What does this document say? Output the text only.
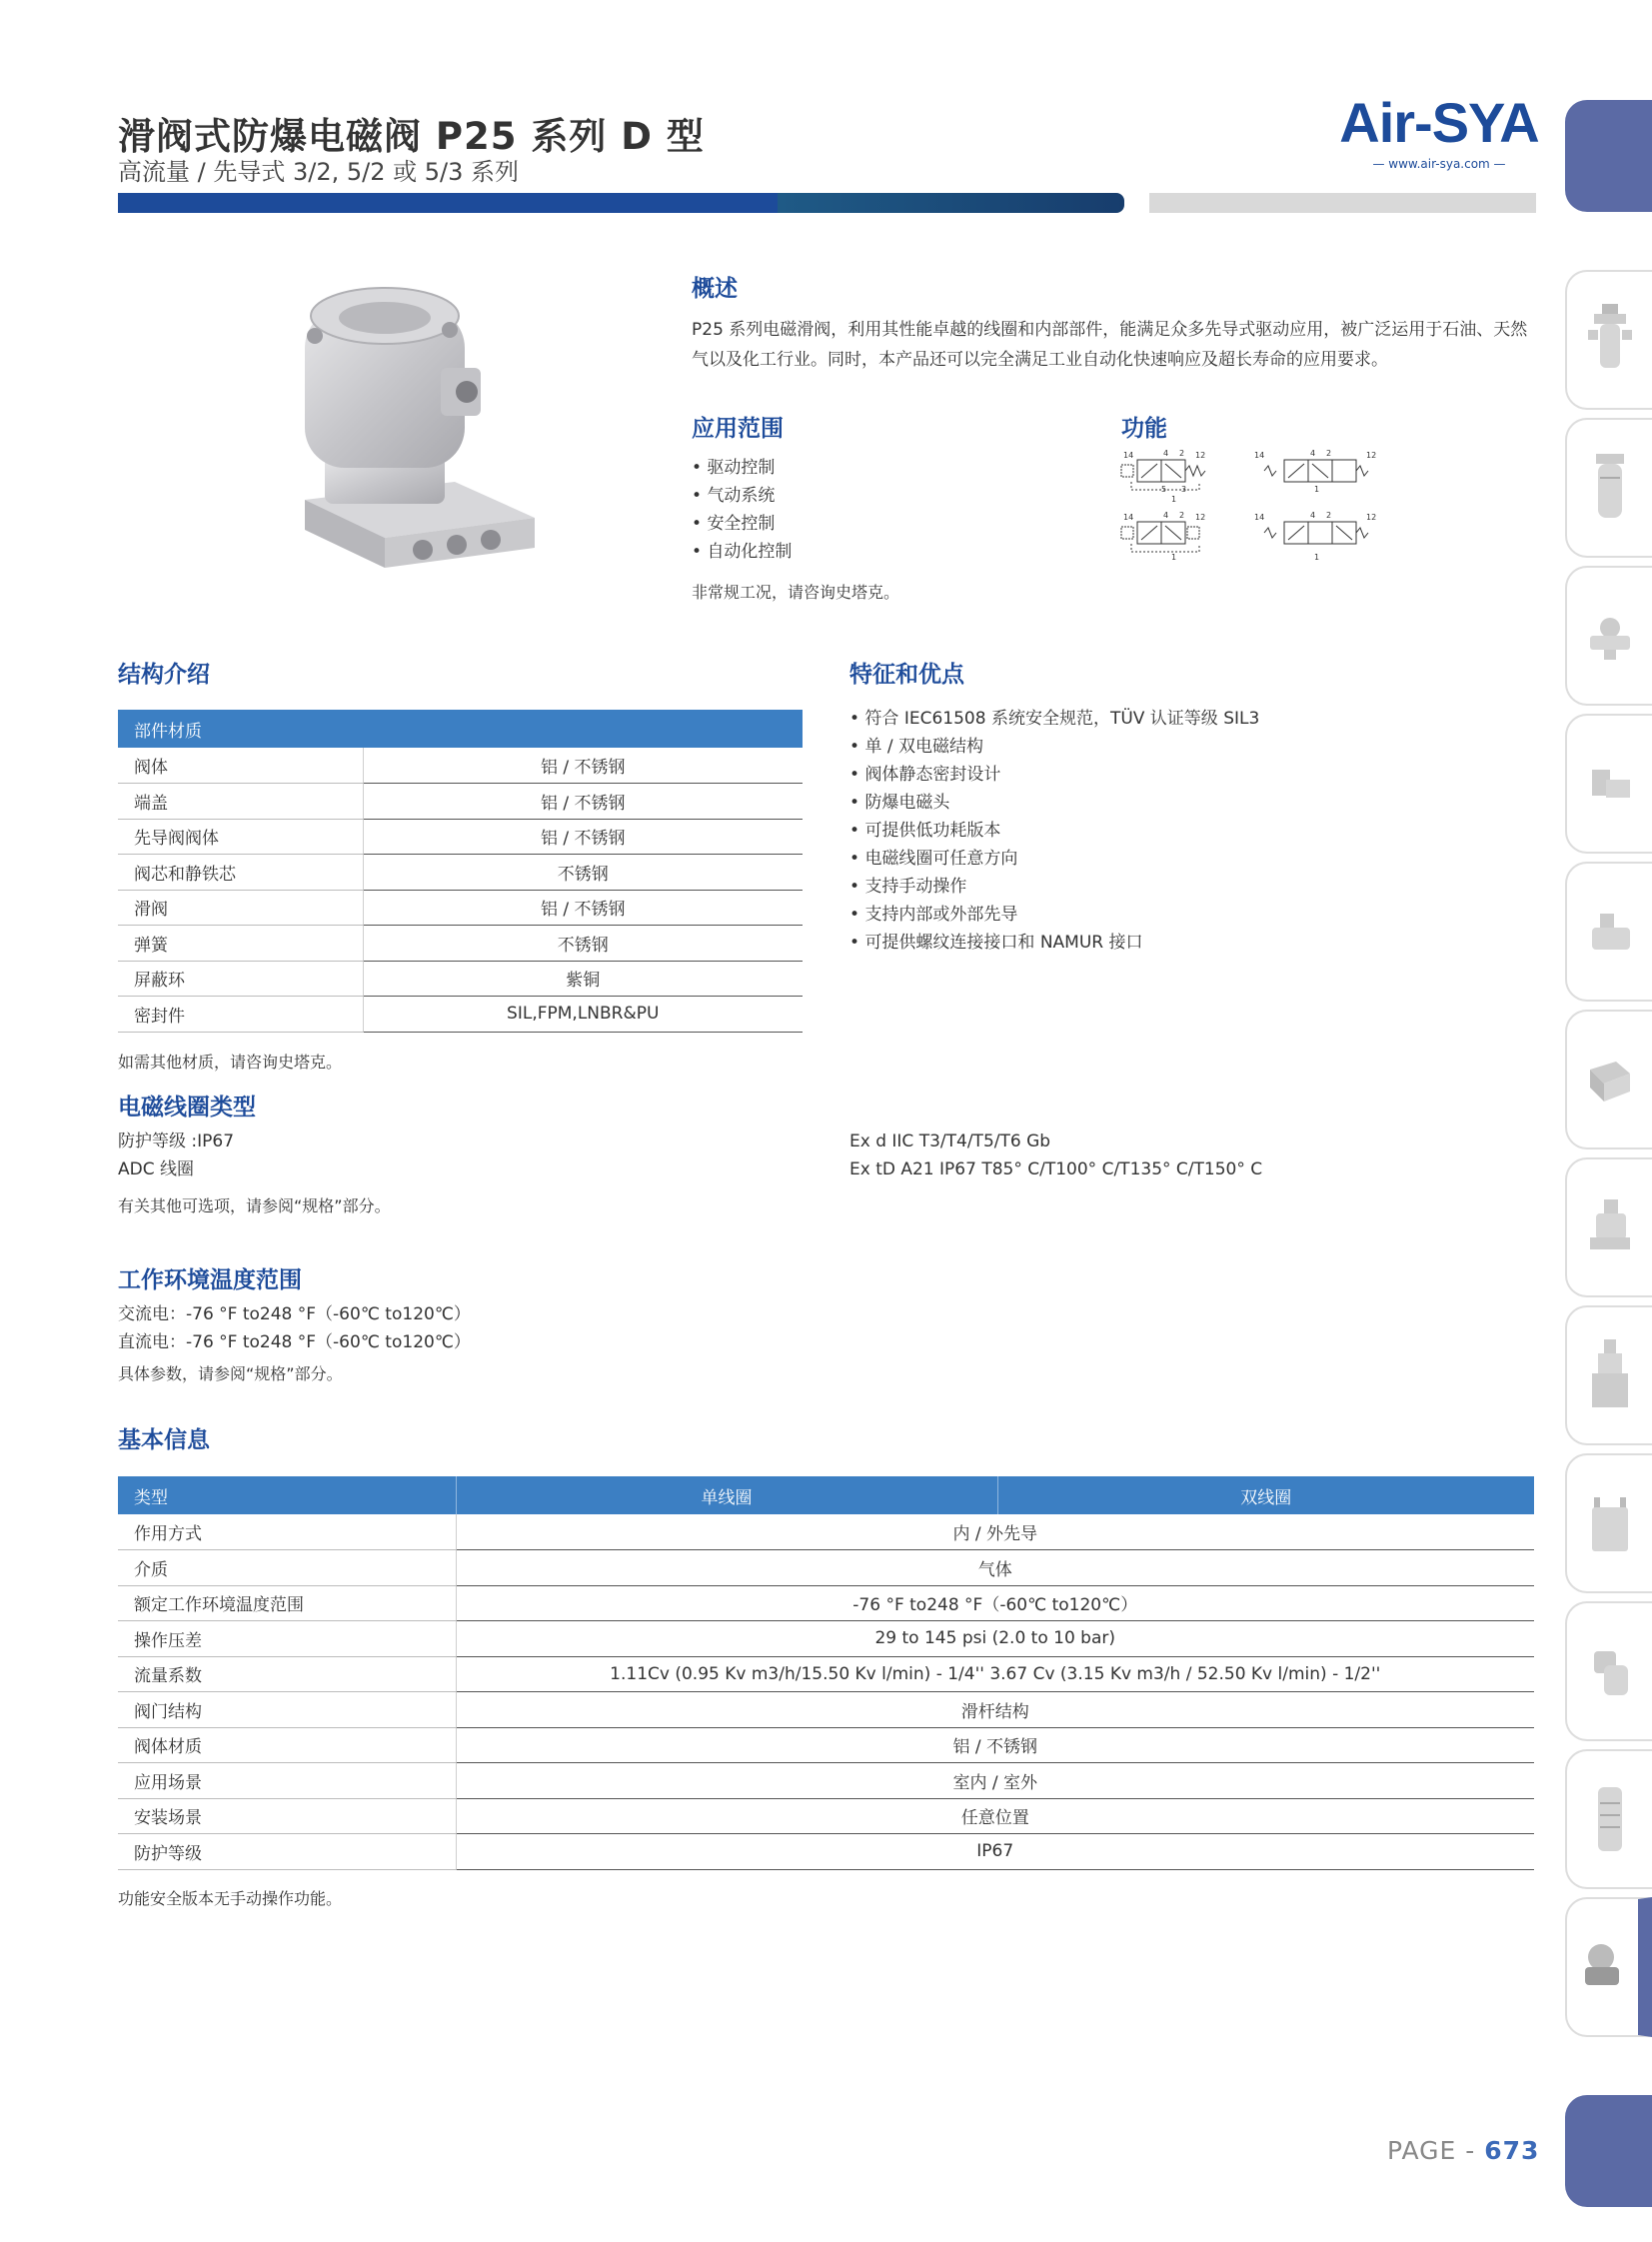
滑阀式防爆电磁阀 P25 系列 D 型
高流量 / 先导式 3/2, 5/2 或 5/3 系列
Air-SYA
— www.air-sya.com —
概述
P25 系列电磁滑阀，利用其性能卓越的线圈和内部部件，能满足众多先导式驱动应用，被广泛运用于石油、天然气以及化工行业。同时，本产品还可以完全满足工业自动化快速响应及超长寿命的应用要求。
应用范围
• 驱动控制
• 气动系统
• 安全控制
• 自动化控制
非常规工况，请咨询史塔克。
功能
14	4 2 12
5 3
1
14	4 2	12
1
14	4 2 12
1
14	4 2	12
1
结构介绍
部件材质	
阀体	铝 / 不锈钢
端盖	铝 / 不锈钢
先导阀阀体	铝 / 不锈钢
阀芯和静铁芯	不锈钢
滑阀	铝 / 不锈钢
弹簧	不锈钢
屏蔽环	紫铜
密封件	SIL,FPM,LNBR&PU
如需其他材质，请咨询史塔克。
特征和优点
• 符合 IEC61508 系统安全规范，TÜV 认证等级 SIL3
• 单 / 双电磁结构
• 阀体静态密封设计
• 防爆电磁头
• 可提供低功耗版本
• 电磁线圈可任意方向
• 支持手动操作
• 支持内部或外部先导
• 可提供螺纹连接接口和 NAMUR 接口
电磁线圈类型
防护等级 :IP67
ADC 线圈
Ex d IIC T3/T4/T5/T6 Gb
Ex tD A21 IP67 T85° C/T100° C/T135° C/T150° C
有关其他可选项，请参阅“规格”部分。
工作环境温度范围
交流电：-76 °F to248 °F（-60℃ to120℃）
直流电：-76 °F to248 °F（-60℃ to120℃）
具体参数，请参阅“规格”部分。
基本信息
类型	单线圈	双线圈
作用方式	内 / 外先导	
介质	气体	
额定工作环境温度范围	-76 °F to248 °F（-60℃ to120℃）	
操作压差	29 to 145 psi (2.0 to 10 bar)	
流量系数	1.11Cv (0.95 Kv m3/h/15.50 Kv l/min) - 1/4'' 3.67 Cv (3.15 Kv m3/h / 52.50 Kv l/min) - 1/2''	
阀门结构	滑杆结构	
阀体材质	铝 / 不锈钢	
应用场景	室内 / 室外	
安装场景	任意位置	
防护等级	IP67	
功能安全版本无手动操作功能。
PAGE - 673
